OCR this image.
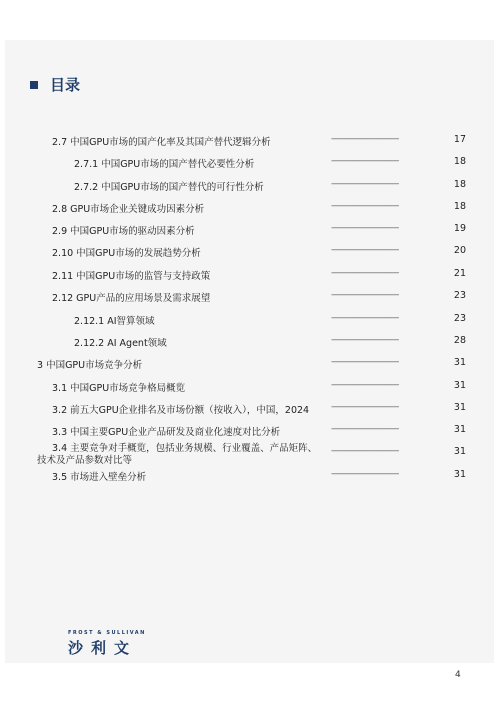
目录
2.7 中国GPU市场的国产化率及其国产替代逻辑分析	------------------------------	17
2.7.1 中国GPU市场的国产替代必要性分析	------------------------------	18
2.7.2 中国GPU市场的国产替代的可行性分析	------------------------------	18
2.8 GPU市场企业关键成功因素分析	------------------------------	18
2.9 中国GPU市场的驱动因素分析	------------------------------	19
2.10 中国GPU市场的发展趋势分析	------------------------------	20
2.11 中国GPU市场的监管与支持政策	------------------------------	21
2.12 GPU产品的应用场景及需求展望	------------------------------	23
2.12.1 AI智算领域	------------------------------	23
2.12.2 AI Agent领域	------------------------------	28
3 中国GPU市场竞争分析	------------------------------	31
3.1 中国GPU市场竞争格局概览	------------------------------	31
3.2 前五大GPU企业排名及市场份额（按收入），中国，2024 ------------------------------	31
3.3 中国主要GPU企业产品研发及商业化速度对比分析	------------------------------	31
3.4 主要竞争对手概览，包括业务规模、行业覆盖、产品矩阵、
技术及产品参数对比等
------------------------------	31
3.5 市场进入壁垒分析	------------------------------	31
FROST & SULLIVAN
沙利文
4
